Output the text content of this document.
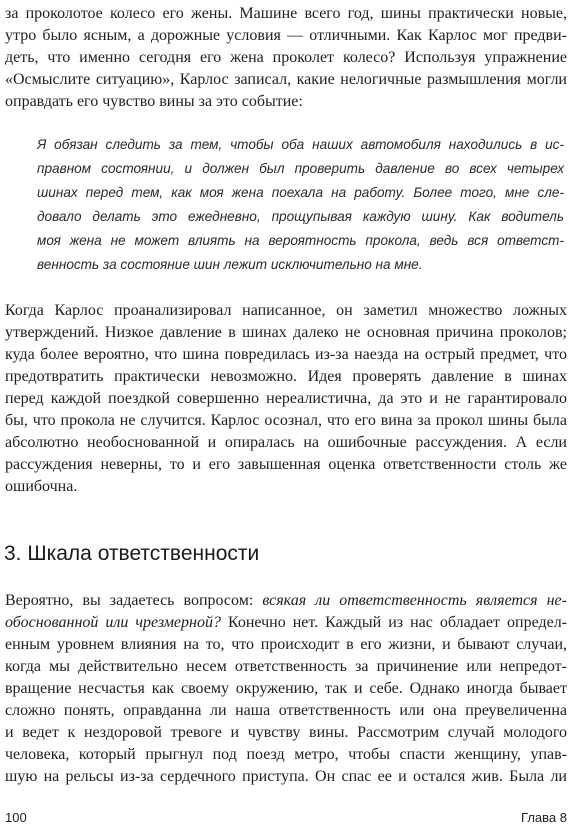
за проколотое колесо его жены. Машине всего год, шины практически новые,
утро было ясным, а дорожные условия — отличными. Как Карлос мог предви-
деть, что именно сегодня его жена проколет колесо? Используя упражнение
«Осмыслите ситуацию», Карлос записал, какие нелогичные размышления могли
оправдать его чувство вины за это событие:
Я обязан следить за тем, чтобы оба наших автомобиля находились в ис-
правном состоянии, и должен был проверить давление во всех четырех
шинах перед тем, как моя жена поехала на работу. Более того, мне сле-
довало делать это ежедневно, прощупывая каждую шину. Как водитель
моя жена не может влиять на вероятность прокола, ведь вся ответст-
венность за состояние шин лежит исключительно на мне.
Когда Карлос проанализировал написанное, он заметил множество ложных
утверждений. Низкое давление в шинах далеко не основная причина проколов;
куда более вероятно, что шина повредилась из-за наезда на острый предмет, что
предотвратить практически невозможно. Идея проверять давление в шинах
перед каждой поездкой совершенно нереалистична, да это и не гарантировало
бы, что прокола не случится. Карлос осознал, что его вина за прокол шины была
абсолютно необоснованной и опиралась на ошибочные рассуждения. А если
рассуждения неверны, то и его завышенная оценка ответственности столь же
ошибочна.
3. Шкала ответственности
Вероятно, вы задаетесь вопросом: всякая ли ответственность является не-
обоснованной или чрезмерной? Конечно нет. Каждый из нас обладает определ-
енным уровнем влияния на то, что происходит в его жизни, и бывают случаи,
когда мы действительно несем ответственность за причинение или непредот-
вращение несчастья как своему окружению, так и себе. Однако иногда бывает
сложно понять, оправданна ли наша ответственность или она преувеличенна
и ведет к нездоровой тревоге и чувству вины. Рассмотрим случай молодого
человека, который прыгнул под поезд метро, чтобы спасти женщину, упав-
шую на рельсы из-за сердечного приступа. Он спас ее и остался жив. Была ли
100	Глава 8
